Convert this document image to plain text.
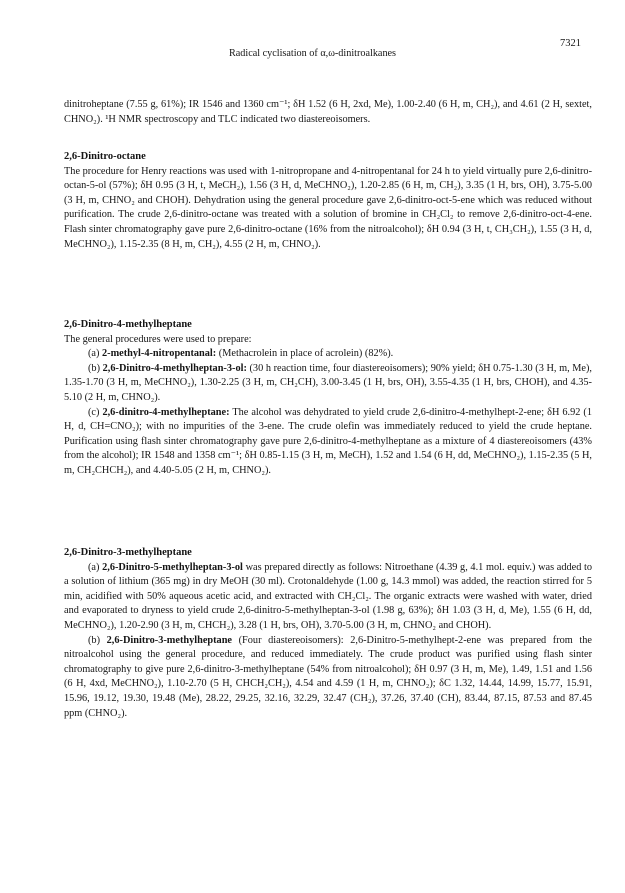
7321
Radical cyclisation of α,ω-dinitroalkanes

dinitroheptane (7.55 g, 61%); IR 1546 and 1360 cm⁻¹; δH 1.52 (6 H, 2xd, Me), 1.00-2.40 (6 H, m, CH₂), and 4.61 (2 H, sextet, CHNO₂). ¹H NMR spectroscopy and TLC indicated two diastereoisomers.

2,6-Dinitro-octane

The procedure for Henry reactions was used with 1-nitropropane and 4-nitropentanal for 24 h to yield virtually pure 2,6-dinitro-octan-5-ol (57%); δH 0.95 (3 H, t, MeCH₂), 1.56 (3 H, d, MeCHNO₂), 1.20-2.85 (6 H, m, CH₂), 3.35 (1 H, brs, OH), 3.75-5.00 (3 H, m, CHNO₂ and CHOH). Dehydration using the general procedure gave 2,6-dinitro-oct-5-ene which was reduced without purification. The crude 2,6-dinitro-octane was treated with a solution of bromine in CH₂Cl₂ to remove 2,6-dinitro-oct-4-ene. Flash sinter chromatography gave pure 2,6-dinitro-octane (16% from the nitroalcohol); δH 0.94 (3 H, t, CH₃CH₂), 1.55 (3 H, d, MeCHNO₂), 1.15-2.35 (8 H, m, CH₂), 4.55 (2 H, m, CHNO₂).

2,6-Dinitro-4-methylheptane

The general procedures were used to prepare:

(a) 2-methyl-4-nitropentanal: (Methacrolein in place of acrolein) (82%).

(b) 2,6-Dinitro-4-methylheptan-3-ol: (30 h reaction time, four diastereoisomers); 90% yield; δH 0.75-1.30 (3 H, m, Me), 1.35-1.70 (3 H, m, MeCHNO₂), 1.30-2.25 (3 H, m, CH₂CH), 3.00-3.45 (1 H, brs, OH), 3.55-4.35 (1 H, brs, CHOH), and 4.35-5.10 (2 H, m, CHNO₂).

(c) 2,6-dinitro-4-methylheptane: The alcohol was dehydrated to yield crude 2,6-dinitro-4-methylhept-2-ene; δH 6.92 (1 H, d, CH=CNO₂); with no impurities of the 3-ene. The crude olefin was immediately reduced to yield the crude heptane. Purification using flash sinter chromatography gave pure 2,6-dinitro-4-methylheptane as a mixture of 4 diastereoisomers (43% from the alcohol); IR 1548 and 1358 cm⁻¹; δH 0.85-1.15 (3 H, m, MeCH), 1.52 and 1.54 (6 H, dd, MeCHNO₂), 1.15-2.35 (5 H, m, CH₂CHCH₂), and 4.40-5.05 (2 H, m, CHNO₂).

2,6-Dinitro-3-methylheptane

(a) 2,6-Dinitro-5-methylheptan-3-ol was prepared directly as follows: Nitroethane (4.39 g, 4.1 mol. equiv.) was added to a solution of lithium (365 mg) in dry MeOH (30 ml). Crotonaldehyde (1.00 g, 14.3 mmol) was added, the reaction stirred for 5 min, acidified with 50% aqueous acetic acid, and extracted with CH₂Cl₂. The organic extracts were washed with water, dried and evaporated to dryness to yield crude 2,6-dinitro-5-methylheptan-3-ol (1.98 g, 63%); δH 1.03 (3 H, d, Me), 1.55 (6 H, dd, MeCHNO₂), 1.20-2.90 (3 H, m, CHCH₂), 3.28 (1 H, brs, OH), 3.70-5.00 (3 H, m, CHNO₂ and CHOH).

(b) 2,6-Dinitro-3-methylheptane (Four diastereoisomers): 2,6-Dinitro-5-methylhept-2-ene was prepared from the nitroalcohol using the general procedure, and reduced immediately. The crude product was purified using flash sinter chromatography to give pure 2,6-dinitro-3-methylheptane (54% from nitroalcohol); δH 0.97 (3 H, m, Me), 1.49, 1.51 and 1.56 (6 H, 4xd, MeCHNO₂), 1.10-2.70 (5 H, CHCH₂CH₂), 4.54 and 4.59 (1 H, m, CHNO₂); δC 1.32, 14.44, 14.99, 15.77, 15.91, 15.96, 19.12, 19.30, 19.48 (Me), 28.22, 29.25, 32.16, 32.29, 32.47 (CH₂), 37.26, 37.40 (CH), 83.44, 87.15, 87.53 and 87.45 ppm (CHNO₂).
